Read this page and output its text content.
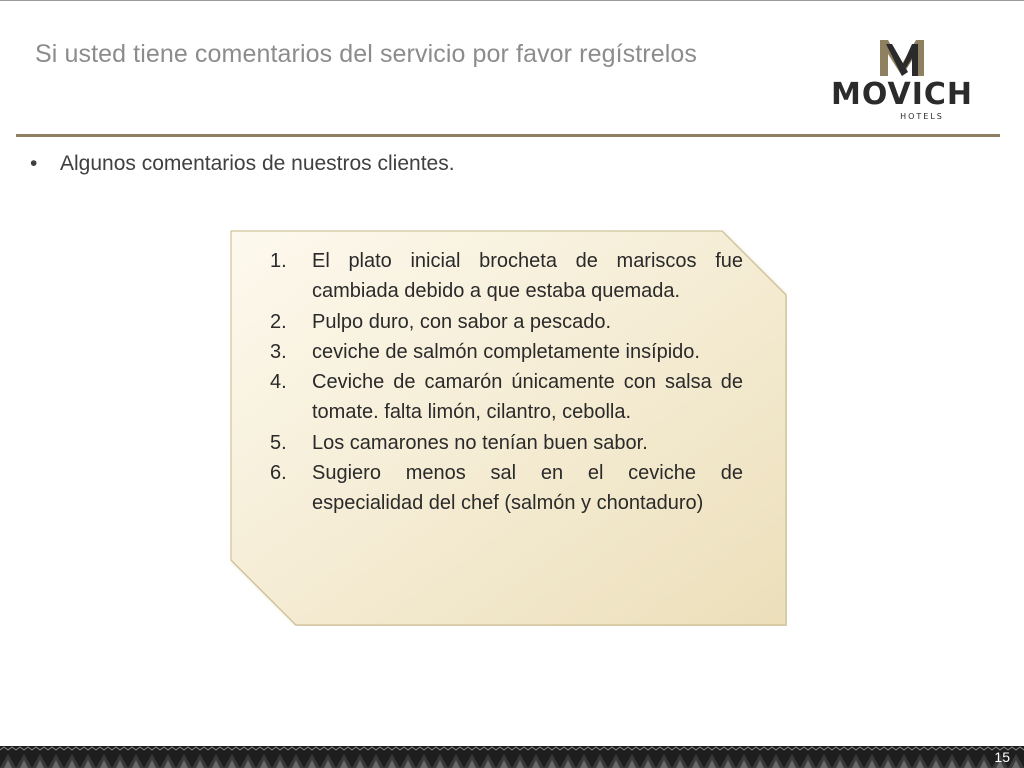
Si usted tiene comentarios del servicio por favor regístrelos
MOVICH
HOTELS
• Algunos comentarios de nuestros clientes.
1. El plato inicial brocheta de mariscos fue cambiada debido a que estaba quemada.
2. Pulpo duro, con sabor a pescado.
3. ceviche de salmón completamente insípido.
4. Ceviche de camarón únicamente con salsa de tomate. falta limón, cilantro, cebolla.
5. Los camarones no tenían buen sabor.
6. Sugiero menos sal en el ceviche de especialidad del chef (salmón y chontaduro)
15
